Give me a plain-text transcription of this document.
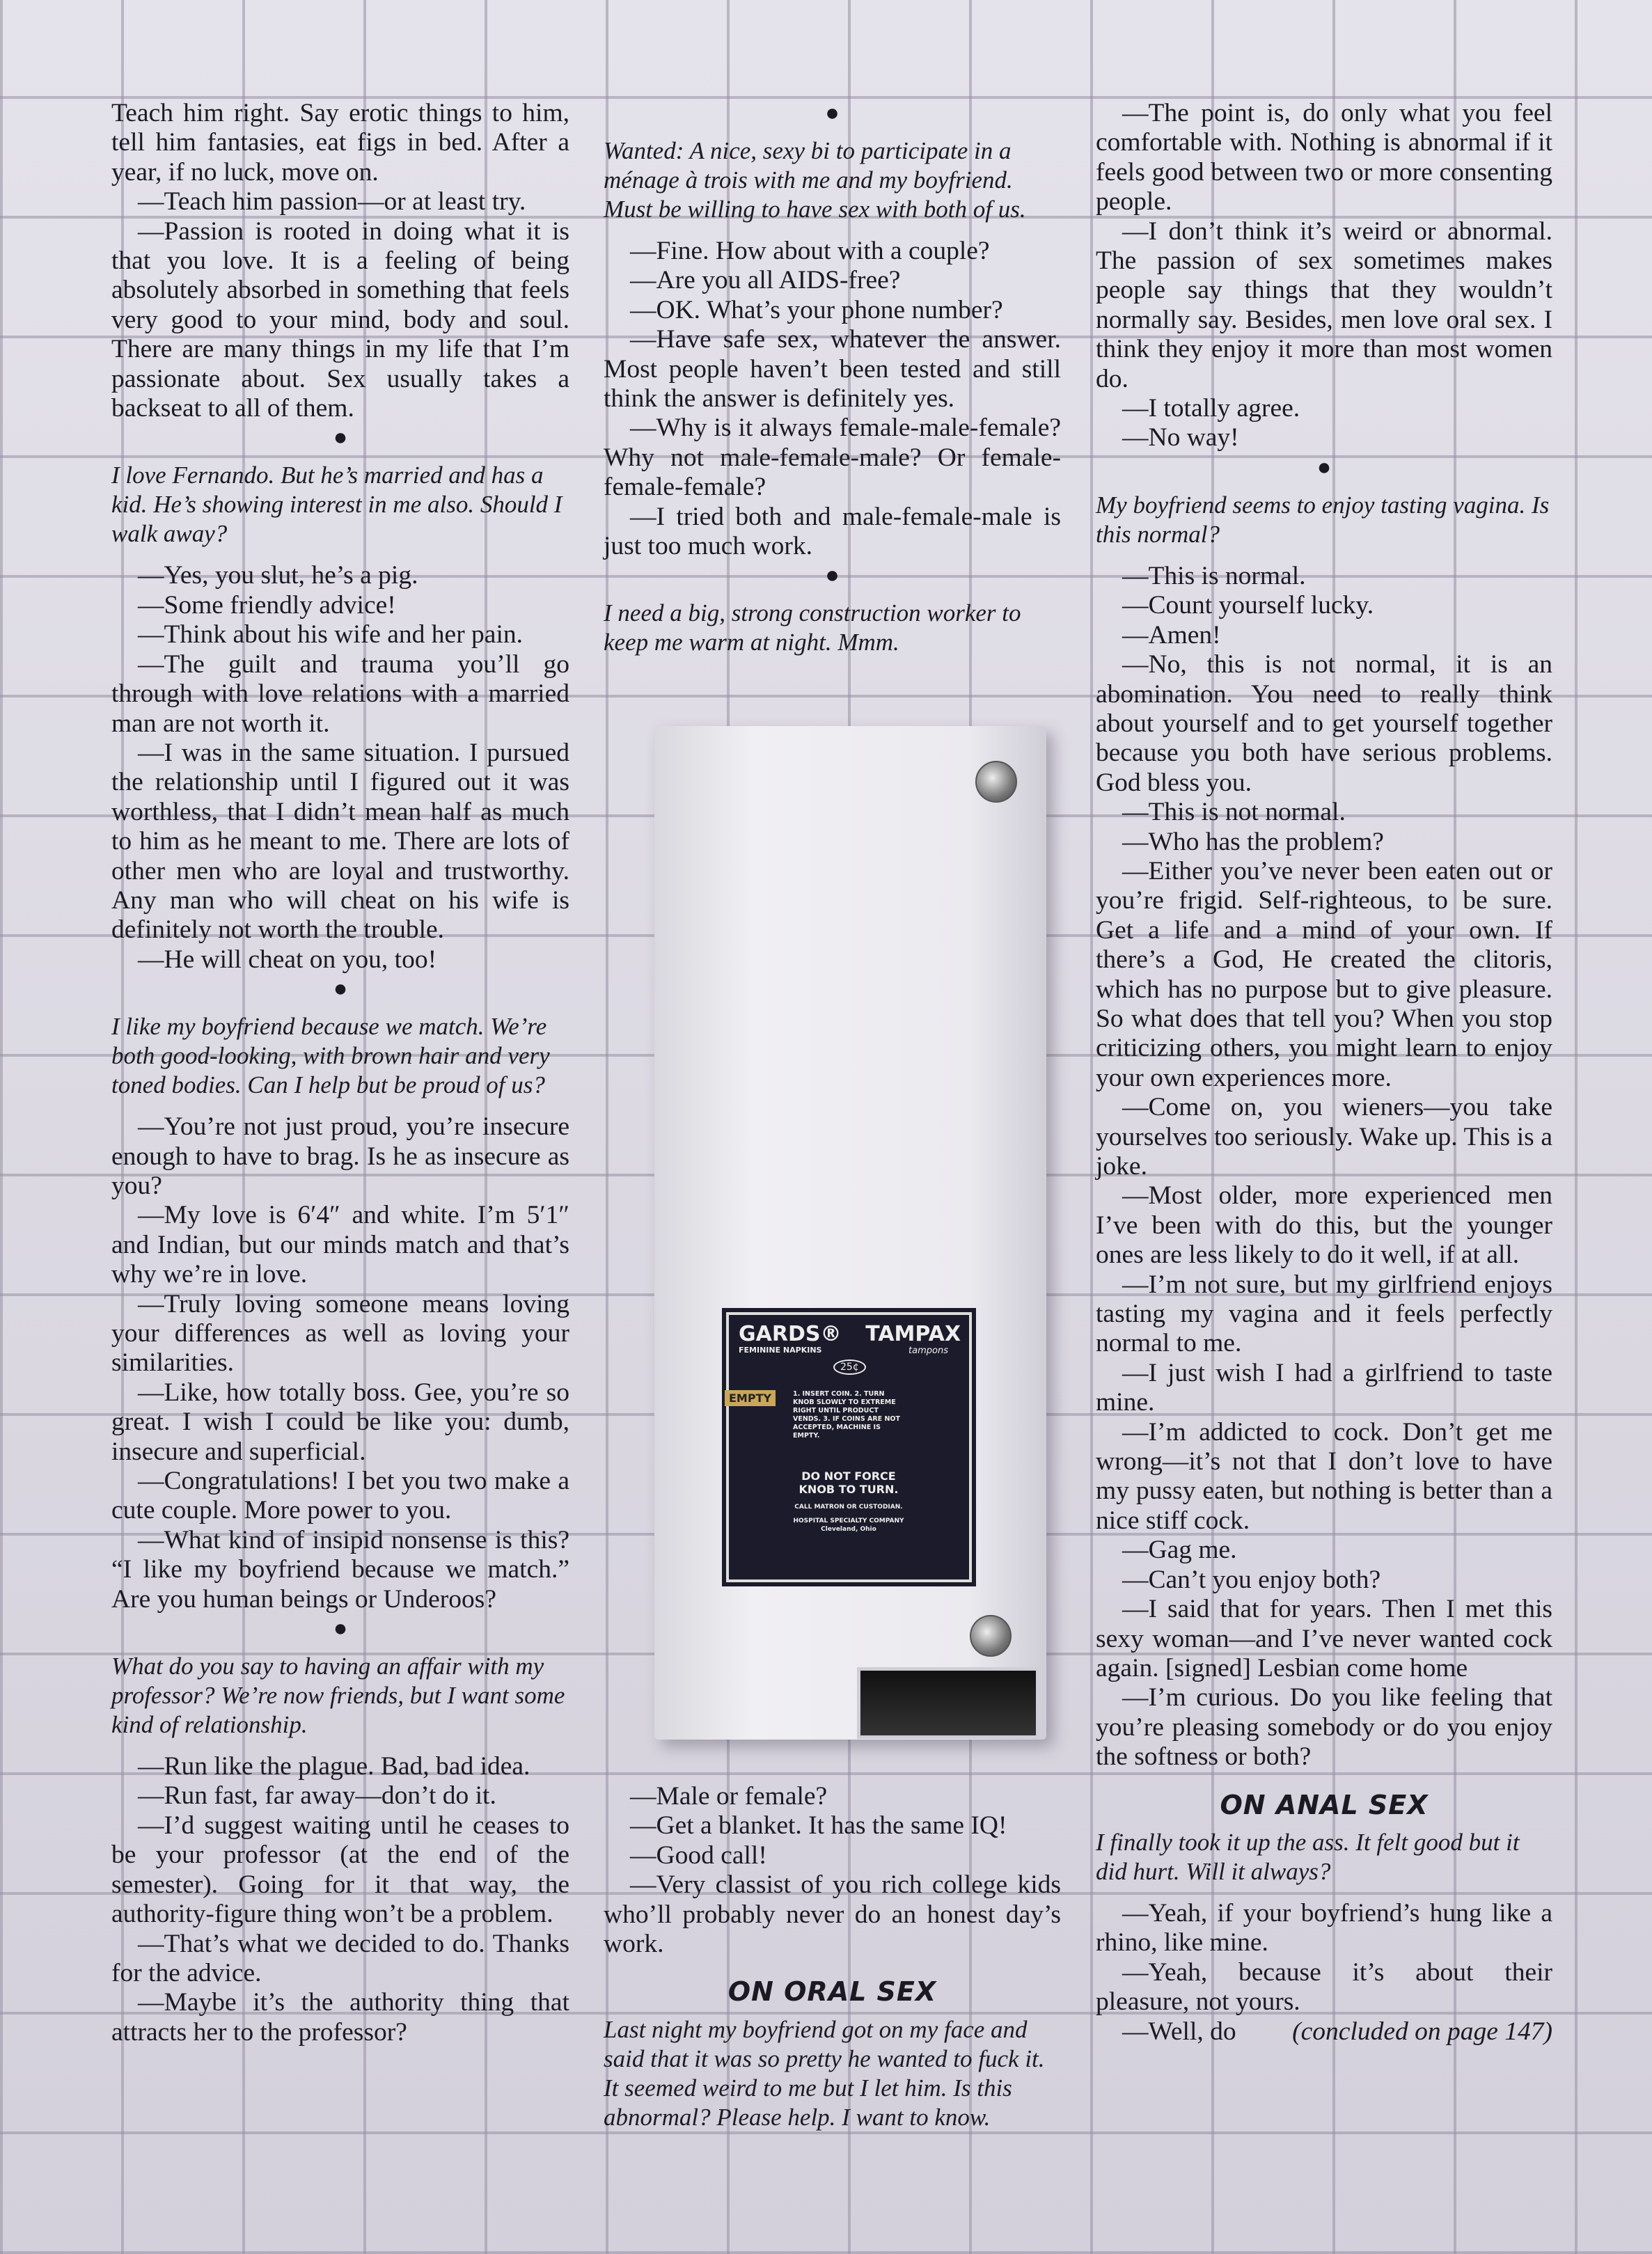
Teach him right. Say erotic things to him, tell him fantasies, eat figs in bed. After a year, if no luck, move on.

—Teach him passion—or at least try.

—Passion is rooted in doing what it is that you love. It is a feeling of being absolutely absorbed in something that feels very good to your mind, body and soul. There are many things in my life that I’m passionate about. Sex usually takes a backseat to all of them.

●

I love Fernando. But he’s married and has a kid. He’s showing interest in me also. Should I walk away?

—Yes, you slut, he’s a pig.

—Some friendly advice!

—Think about his wife and her pain.

—The guilt and trauma you’ll go through with love relations with a married man are not worth it.

—I was in the same situation. I pursued the relationship until I figured out it was worthless, that I didn’t mean half as much to him as he meant to me. There are lots of other men who are loyal and trustworthy. Any man who will cheat on his wife is definitely not worth the trouble.

—He will cheat on you, too!

●

I like my boyfriend because we match. We’re both good-looking, with brown hair and very toned bodies. Can I help but be proud of us?

—You’re not just proud, you’re insecure enough to have to brag. Is he as insecure as you?

—My love is 6′4″ and white. I’m 5′1″ and Indian, but our minds match and that’s why we’re in love.

—Truly loving someone means loving your differences as well as loving your similarities.

—Like, how totally boss. Gee, you’re so great. I wish I could be like you: dumb, insecure and superficial.

—Congratulations! I bet you two make a cute couple. More power to you.

—What kind of insipid nonsense is this? “I like my boyfriend because we match.” Are you human beings or Underoos?

●

What do you say to having an affair with my professor? We’re now friends, but I want some kind of relationship.

—Run like the plague. Bad, bad idea.

—Run fast, far away—don’t do it.

—I’d suggest waiting until he ceases to be your professor (at the end of the semester). Going for it that way, the authority-figure thing won’t be a problem.

—That’s what we decided to do. Thanks for the advice.

—Maybe it’s the authority thing that attracts her to the professor?

●

Wanted: A nice, sexy bi to participate in a ménage à trois with me and my boyfriend. Must be willing to have sex with both of us.

—Fine. How about with a couple?

—Are you all AIDS-free?

—OK. What’s your phone number?

—Have safe sex, whatever the answer. Most people haven’t been tested and still think the answer is definitely yes.

—Why is it always female-male-female? Why not male-female-male? Or female-female-female?

—I tried both and male-female-male is just too much work.

●

I need a big, strong construction worker to keep me warm at night. Mmm.

GARDS®
FEMININE NAPKINS
TAMPAX
tampons
25¢
EMPTY	1. INSERT COIN. 2. TURN KNOB SLOWLY TO EXTREME RIGHT UNTIL PRODUCT VENDS. 3. IF COINS ARE NOT ACCEPTED, MACHINE IS EMPTY.
DO NOT FORCE KNOB TO TURN.
CALL MATRON OR CUSTODIAN.
HOSPITAL SPECIALTY COMPANY Cleveland, Ohio

—Male or female?

—Get a blanket. It has the same IQ!

—Good call!

—Very classist of you rich college kids who’ll probably never do an honest day’s work.

ON ORAL SEX

Last night my boyfriend got on my face and said that it was so pretty he wanted to fuck it. It seemed weird to me but I let him. Is this abnormal? Please help. I want to know.

—The point is, do only what you feel comfortable with. Nothing is abnormal if it feels good between two or more consenting people.

—I don’t think it’s weird or abnormal. The passion of sex sometimes makes people say things that they wouldn’t normally say. Besides, men love oral sex. I think they enjoy it more than most women do.

—I totally agree.

—No way!

●

My boyfriend seems to enjoy tasting vagina. Is this normal?

—This is normal.

—Count yourself lucky.

—Amen!

—No, this is not normal, it is an abomination. You need to really think about yourself and to get yourself together because you both have serious problems. God bless you.

—This is not normal.

—Who has the problem?

—Either you’ve never been eaten out or you’re frigid. Self-righteous, to be sure. Get a life and a mind of your own. If there’s a God, He created the clitoris, which has no purpose but to give pleasure. So what does that tell you? When you stop criticizing others, you might learn to enjoy your own experiences more.

—Come on, you wieners—you take yourselves too seriously. Wake up. This is a joke.

—Most older, more experienced men I’ve been with do this, but the younger ones are less likely to do it well, if at all.

—I’m not sure, but my girlfriend enjoys tasting my vagina and it feels perfectly normal to me.

—I just wish I had a girlfriend to taste mine.

—I’m addicted to cock. Don’t get me wrong—it’s not that I don’t love to have my pussy eaten, but nothing is better than a nice stiff cock.

—Gag me.

—Can’t you enjoy both?

—I said that for years. Then I met this sexy woman—and I’ve never wanted cock again. [signed] Lesbian come home

—I’m curious. Do you like feeling that you’re pleasing somebody or do you enjoy the softness or both?

ON ANAL SEX

I finally took it up the ass. It felt good but it did hurt. Will it always?

—Yeah, if your boyfriend’s hung like a rhino, like mine.

—Yeah, because it’s about their pleasure, not yours.

—Well, do	(concluded on page 147)
